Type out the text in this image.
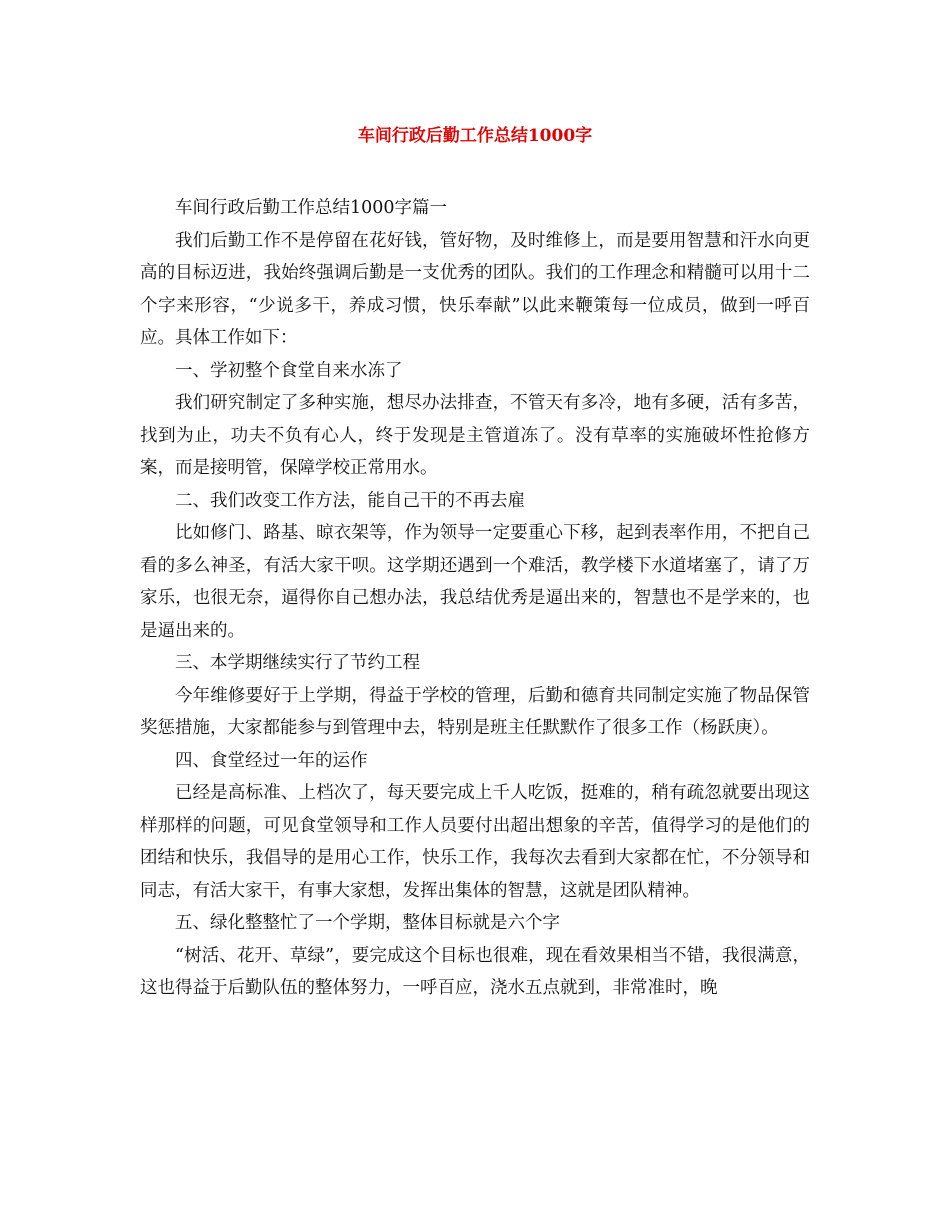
车间行政后勤工作总结1000字

车间行政后勤工作总结1000字篇一

我们后勤工作不是停留在花好钱，管好物，及时维修上，而是要用智慧和汗水向更高的目标迈进，我始终强调后勤是一支优秀的团队。我们的工作理念和精髓可以用十二个字来形容，“少说多干，养成习惯，快乐奉献”以此来鞭策每一位成员，做到一呼百应。具体工作如下：

一、学初整个食堂自来水冻了

我们研究制定了多种实施，想尽办法排查，不管天有多冷，地有多硬，活有多苦，找到为止，功夫不负有心人，终于发现是主管道冻了。没有草率的实施破坏性抢修方案，而是接明管，保障学校正常用水。

二、我们改变工作方法，能自己干的不再去雇

比如修门、路基、晾衣架等，作为领导一定要重心下移，起到表率作用，不把自己看的多么神圣，有活大家干呗。这学期还遇到一个难活，教学楼下水道堵塞了，请了万家乐，也很无奈，逼得你自己想办法，我总结优秀是逼出来的，智慧也不是学来的，也是逼出来的。

三、本学期继续实行了节约工程

今年维修要好于上学期，得益于学校的管理，后勤和德育共同制定实施了物品保管奖惩措施，大家都能参与到管理中去，特别是班主任默默作了很多工作（杨跃庚）。

四、食堂经过一年的运作

已经是高标准、上档次了，每天要完成上千人吃饭，挺难的，稍有疏忽就要出现这样那样的问题，可见食堂领导和工作人员要付出超出想象的辛苦，值得学习的是他们的团结和快乐，我倡导的是用心工作，快乐工作，我每次去看到大家都在忙，不分领导和同志，有活大家干，有事大家想，发挥出集体的智慧，这就是团队精神。

五、绿化整整忙了一个学期，整体目标就是六个字

“树活、花开、草绿”，要完成这个目标也很难，现在看效果相当不错，我很满意，这也得益于后勤队伍的整体努力，一呼百应，浇水五点就到，非常准时，晚
